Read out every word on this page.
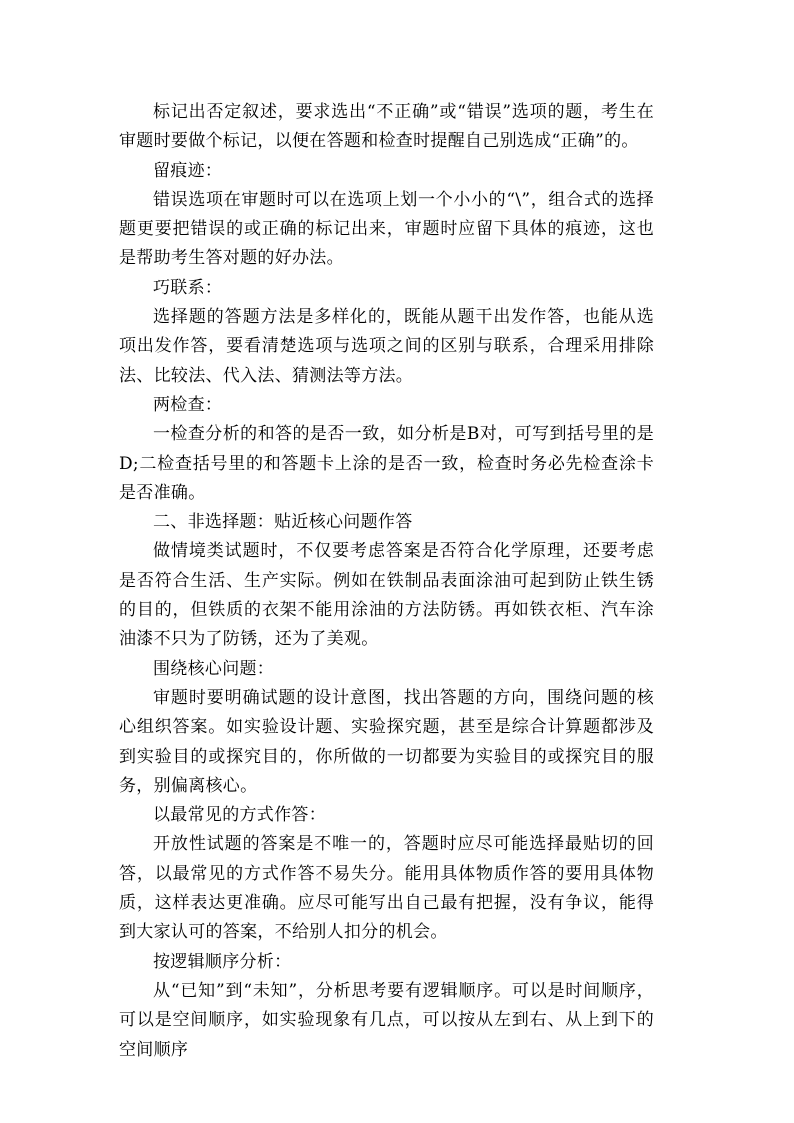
标记出否定叙述，要求选出“不正确”或“错误”选项的题，考生在审题时要做个标记，以便在答题和检查时提醒自己别选成“正确”的。

留痕迹：

错误选项在审题时可以在选项上划一个小小的“\”，组合式的选择题更要把错误的或正确的标记出来，审题时应留下具体的痕迹，这也是帮助考生答对题的好办法。

巧联系：

选择题的答题方法是多样化的，既能从题干出发作答，也能从选项出发作答，要看清楚选项与选项之间的区别与联系，合理采用排除法、比较法、代入法、猜测法等方法。

两检查：

一检查分析的和答的是否一致，如分析是B对，可写到括号里的是D;二检查括号里的和答题卡上涂的是否一致，检查时务必先检查涂卡是否准确。

二、非选择题：贴近核心问题作答

做情境类试题时，不仅要考虑答案是否符合化学原理，还要考虑是否符合生活、生产实际。例如在铁制品表面涂油可起到防止铁生锈的目的，但铁质的衣架不能用涂油的方法防锈。再如铁衣柜、汽车涂油漆不只为了防锈，还为了美观。

围绕核心问题：

审题时要明确试题的设计意图，找出答题的方向，围绕问题的核心组织答案。如实验设计题、实验探究题，甚至是综合计算题都涉及到实验目的或探究目的，你所做的一切都要为实验目的或探究目的服务，别偏离核心。

以最常见的方式作答：

开放性试题的答案是不唯一的，答题时应尽可能选择最贴切的回答，以最常见的方式作答不易失分。能用具体物质作答的要用具体物质，这样表达更准确。应尽可能写出自己最有把握，没有争议，能得到大家认可的答案，不给别人扣分的机会。

按逻辑顺序分析：

从“已知”到“未知”，分析思考要有逻辑顺序。可以是时间顺序，可以是空间顺序，如实验现象有几点，可以按从左到右、从上到下的空间顺序
